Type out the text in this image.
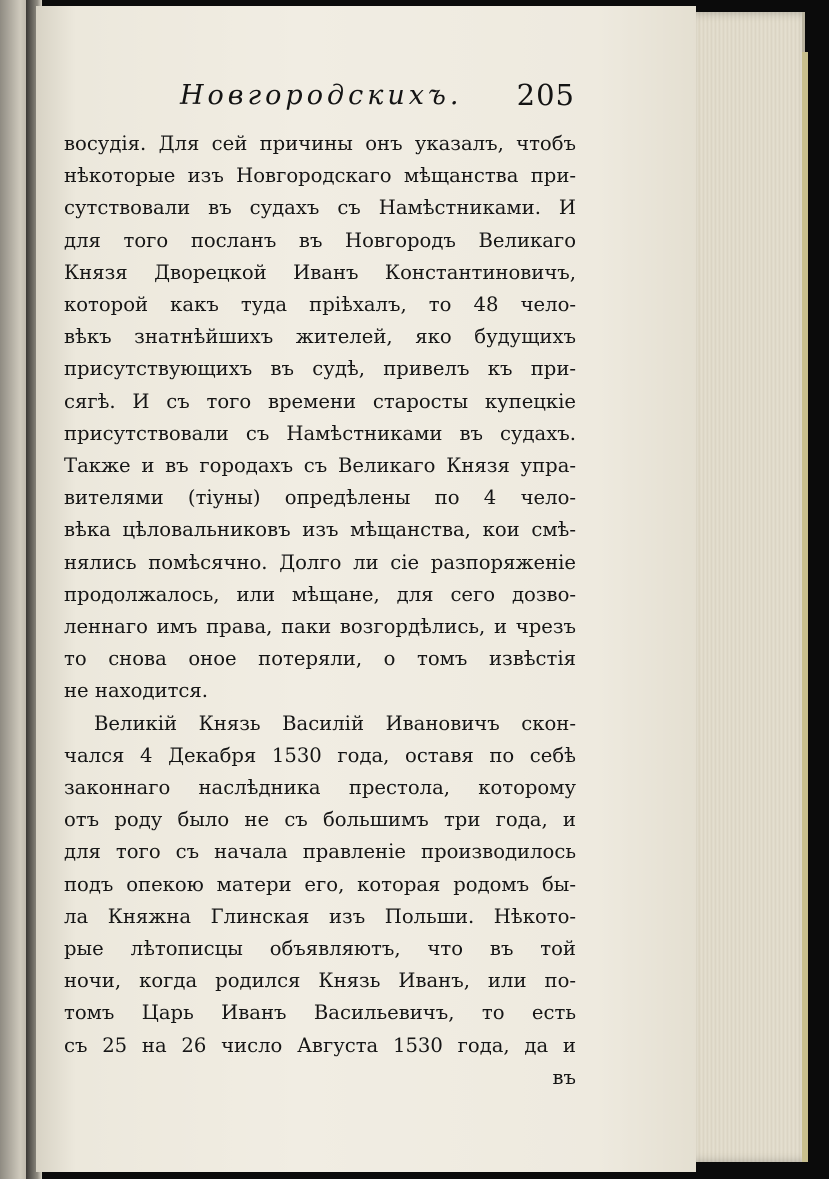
Новгородскихъ. 205
восудія. Для сей причины онъ указалъ, чтобъ
нѣкоторые изъ Новгородскаго мѣщанства при-
сутствовали въ судахъ съ Намѣстниками. И
для того посланъ въ Новгородъ Великаго
Князя Дворецкой Иванъ Константиновичъ,
которой какъ туда пріѣхалъ, то 48 чело-
вѣкъ знатнѣйшихъ жителей, яко будущихъ
присутствующихъ въ судѣ, привелъ къ при-
сягѣ. И съ того времени старосты купецкіе
присутствовали съ Намѣстниками въ судахъ.
Также и въ городахъ съ Великаго Князя упра-
вителями (тіуны) опредѣлены по 4 чело-
вѣка цѣловальниковъ изъ мѣщанства, кои смѣ-
нялись помѣсячно. Долго ли сіе разпоряженіе
продолжалось, или мѣщане, для сего дозво-
леннаго имъ права, паки возгордѣлись, и чрезъ
то снова оное потеряли, о томъ извѣстія
не находится.
Великій Князь Василій Ивановичъ скон-
чался 4 Декабря 1530 года, оставя по себѣ
законнаго наслѣдника престола, которому
отъ роду было не съ большимъ три года, и
для того съ начала правленіе производилось
подъ опекою матери его, которая родомъ бы-
ла Княжна Глинская изъ Польши. Нѣкото-
рые лѣтописцы объявляютъ, что въ той
ночи, когда родился Князь Иванъ, или по-
томъ Царь Иванъ Васильевичъ, то есть
съ 25 на 26 число Августа 1530 года, да и
въ
